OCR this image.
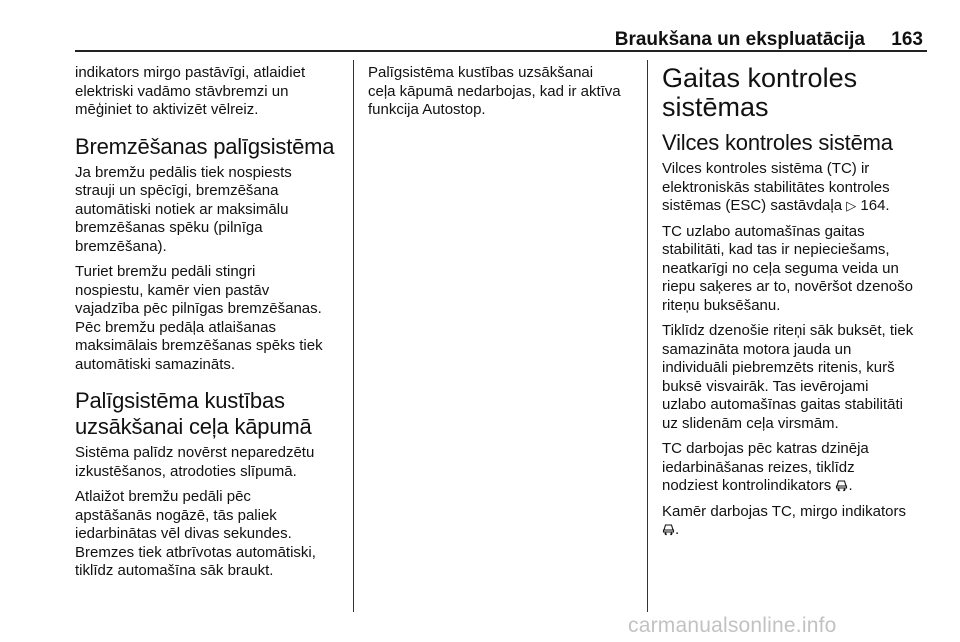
Braukšana un ekspluatācija 163

indikators mirgo pastāvīgi, atlaidiet
elektriski vadāmo stāvbremzi un
mēģiniet to aktivizēt vēlreiz.

Bremzēšanas palīgsistēma

Ja bremžu pedālis tiek nospiests
strauji un spēcīgi, bremzēšana
automātiski notiek ar maksimālu
bremzēšanas spēku (pilnīga
bremzēšana).

Turiet bremžu pedāli stingri
nospiestu, kamēr vien pastāv
vajadzība pēc pilnīgas bremzēšanas.
Pēc bremžu pedāļa atlaišanas
maksimālais bremzēšanas spēks tiek
automātiski samazināts.

Palīgsistēma kustības
uzsākšanai ceļa kāpumā

Sistēma palīdz novērst neparedzētu
izkustēšanos, atrodoties slīpumā.

Atlaižot bremžu pedāli pēc
apstāšanās nogāzē, tās paliek
iedarbinātas vēl divas sekundes.
Bremzes tiek atbrīvotas automātiski,
tiklīdz automašīna sāk braukt.

Palīgsistēma kustības uzsākšanai
ceļa kāpumā nedarbojas, kad ir aktīva
funkcija Autostop.

Gaitas kontroles
sistēmas
Vilces kontroles sistēma

Vilces kontroles sistēma (TC) ir
elektroniskās stabilitātes kontroles
sistēmas (ESC) sastāvdaļa ▷ 164.

TC uzlabo automašīnas gaitas
stabilitāti, kad tas ir nepieciešams,
neatkarīgi no ceļa seguma veida un
riepu saķeres ar to, novēršot dzenošo
riteņu buksēšanu.

Tiklīdz dzenošie riteņi sāk buksēt, tiek
samazināta motora jauda un
individuāli piebremzēts ritenis, kurš
buksē visvairāk. Tas ievērojami
uzlabo automašīnas gaitas stabilitāti
uz slidenām ceļa virsmām.

TC darbojas pēc katras dzinēja
iedarbināšanas reizes, tiklīdz
nodziest kontrolindikators .

Kamēr darbojas TC, mirgo indikators
.

carmanualsonline.info
